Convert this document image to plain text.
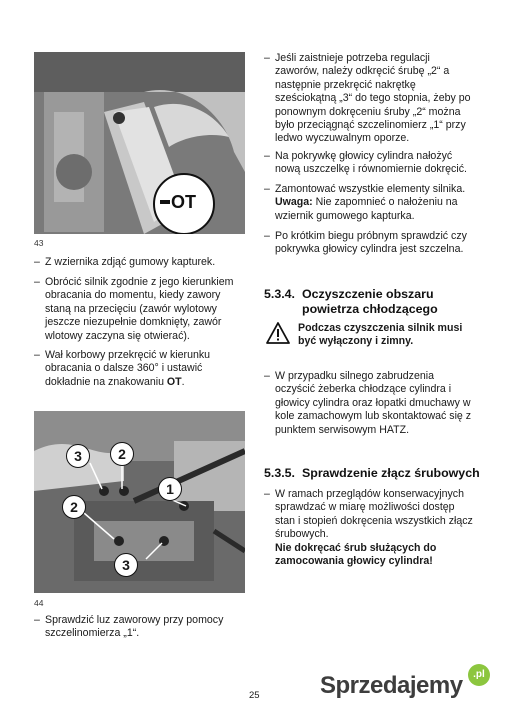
OT
43
– Z wziernika zdjąć gumowy kapturek.
– Obrócić silnik zgodnie z jego kierunkiem obracania do momentu, kiedy zawory staną na przecięciu (zawór wylotowy jeszcze niezupełnie domknięty, zawór wlotowy zaczyna się otwierać).
– Wał korbowy przekręcić w kierunku obracania o dalsze 360° i ustawić dokładnie na znakowaniu OT.
3	2
1
2
3
44
– Sprawdzić luz zaworowy przy pomocy szczelinomierza „1“.
– Jeśli zaistnieje potrzeba regulacji zaworów, należy odkręcić śrubę „2“ a następnie przekręcić nakrętkę sześciokątną „3“ do tego stopnia, żeby po ponownym dokręceniu śruby „2“ można było przeciągnąć szczelinomierz „1“ przy ledwo wyczuwalnym oporze.
– Na pokrywkę głowicy cylindra nałożyć nową uszczelkę i równomiernie dokręcić.
– Zamontować wszystkie elementy silnika.
Uwaga: Nie zapomnieć o nałożeniu na wziernik gumowego kapturka.
– Po krótkim biegu próbnym sprawdzić czy pokrywka głowicy cylindra jest szczelna.
5.3.4. Oczyszczenie obszaru
powietrza chłodzącego
Podczas czyszczenia silnik musi być wyłączony i zimny.
– W przypadku silnego zabrudzenia oczyścić żeberka chłodzące cylindra i głowicy cylindra oraz łopatki dmuchawy w kole zamachowym lub skontaktować się z punktem serwisowym HATZ.
5.3.5. Sprawdzenie złącz śrubowych
– W ramach przeglądów konserwacyjnych sprawdzać w miarę możliwości dostęp stan i stopień dokręcenia wszystkich złącz śrubowych.
Nie dokręcać śrub służących do zamocowania głowicy cylindra!
25	Sprzedajemy	.pl
